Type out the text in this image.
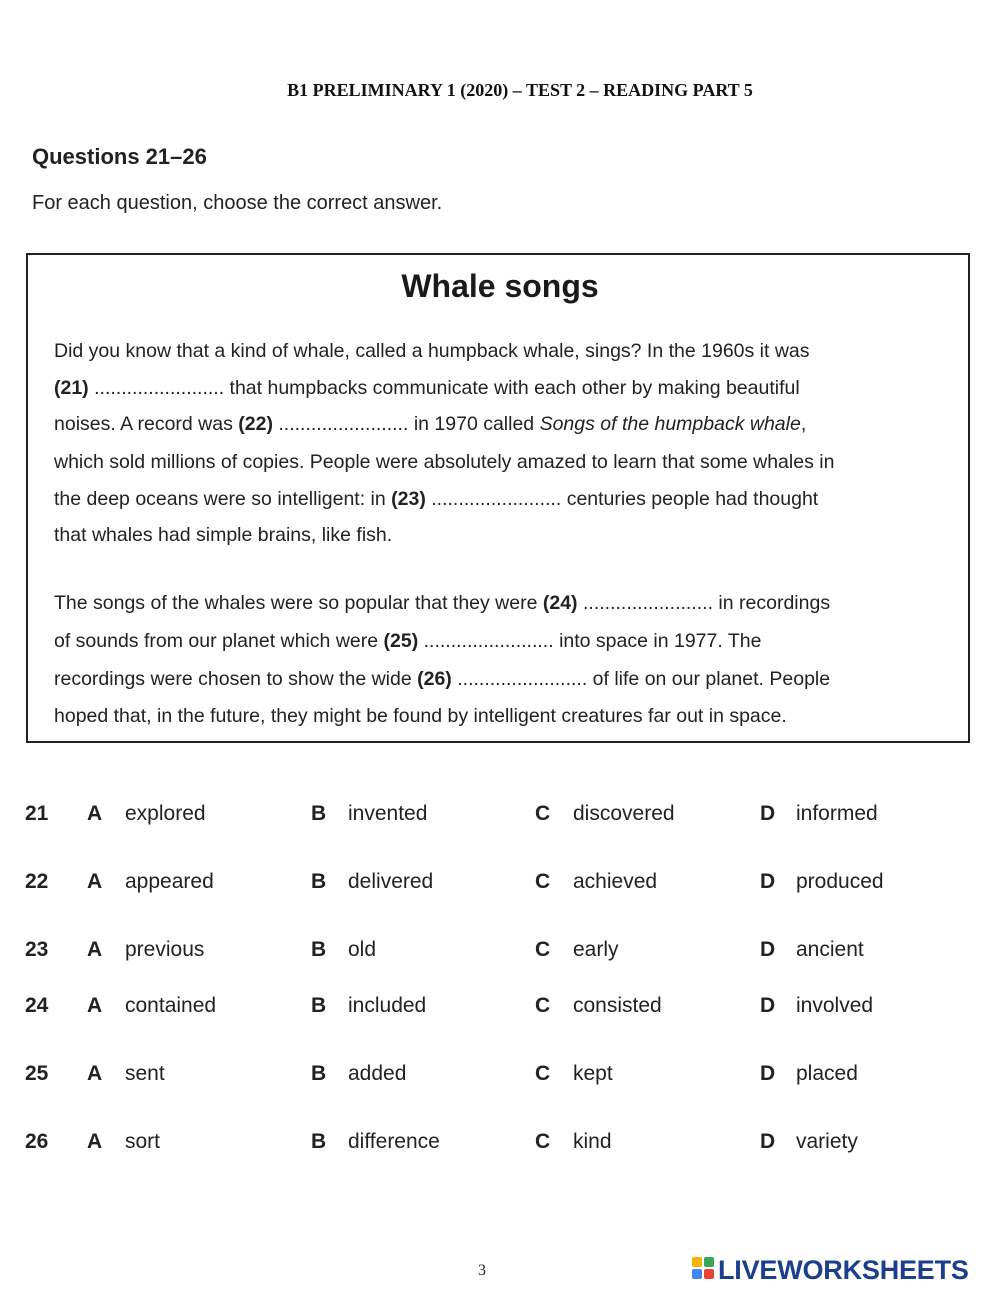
B1 PRELIMINARY 1 (2020) – TEST 2 – READING PART 5
Questions 21–26
For each question, choose the correct answer.
Whale songs
Did you know that a kind of whale, called a humpback whale, sings? In the 1960s it was
(21) ........................ that humpbacks communicate with each other by making beautiful
noises. A record was (22) ........................ in 1970 called Songs of the humpback whale,
which sold millions of copies. People were absolutely amazed to learn that some whales in
the deep oceans were so intelligent: in (23) ........................ centuries people had thought
that whales had simple brains, like fish.
The songs of the whales were so popular that they were (24) ........................ in recordings
of sounds from our planet which were (25) ........................ into space in 1977. The
recordings were chosen to show the wide (26) ........................ of life on our planet. People
hoped that, in the future, they might be found by intelligent creatures far out in space.
21 A explored	B invented	C discovered	D informed
22 A appeared	B delivered	C achieved	D produced
23 A previous	B old	C early	D ancient
24 A contained	B included	C consisted	D involved
25 A sent	B added	C kept	D placed
26 A sort	B difference	C kind	D variety
3	LIVEWORKSHEETS
